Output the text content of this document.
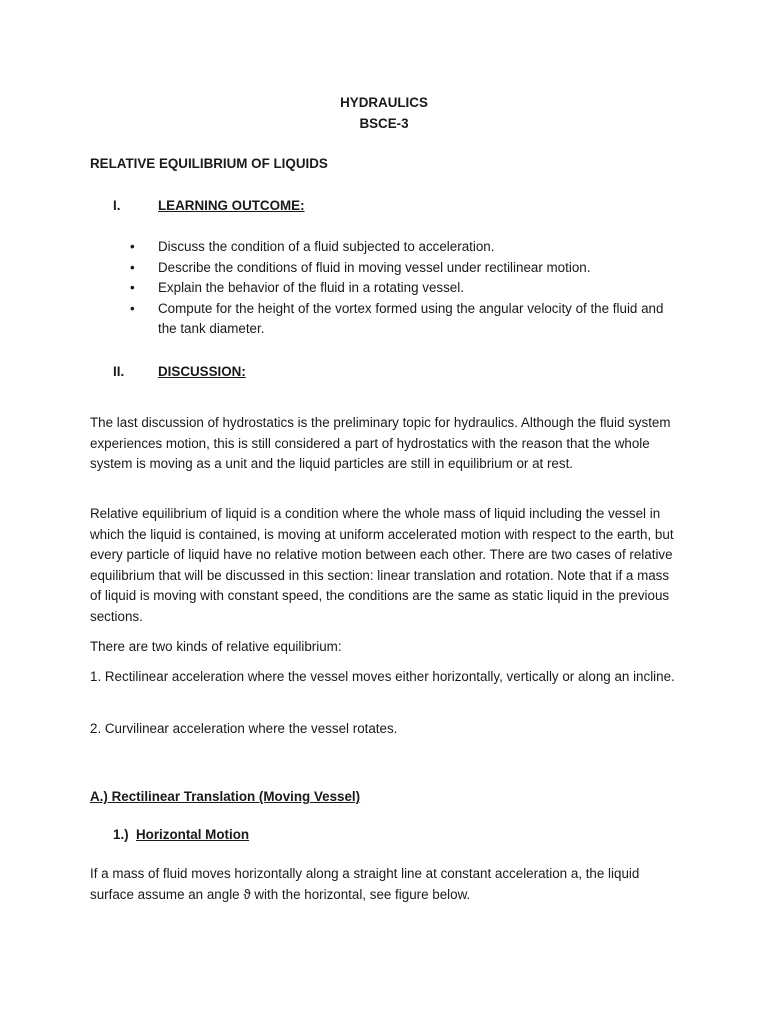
HYDRAULICS
BSCE-3
RELATIVE EQUILIBRIUM OF LIQUIDS
I.	LEARNING OUTCOME:
• Discuss the condition of a fluid subjected to acceleration.
• Describe the conditions of fluid in moving vessel under rectilinear motion.
• Explain the behavior of the fluid in a rotating vessel.
• Compute for the height of the vortex formed using the angular velocity of the fluid and the tank diameter.
II.	DISCUSSION:
The last discussion of hydrostatics is the preliminary topic for hydraulics. Although the fluid system experiences motion, this is still considered a part of hydrostatics with the reason that the whole system is moving as a unit and the liquid particles are still in equilibrium or at rest.
Relative equilibrium of liquid is a condition where the whole mass of liquid including the vessel in which the liquid is contained, is moving at uniform accelerated motion with respect to the earth, but every particle of liquid have no relative motion between each other. There are two cases of relative equilibrium that will be discussed in this section: linear translation and rotation. Note that if a mass of liquid is moving with constant speed, the conditions are the same as static liquid in the previous sections.
There are two kinds of relative equilibrium:
1. Rectilinear acceleration where the vessel moves either horizontally, vertically or along an incline.
2. Curvilinear acceleration where the vessel rotates.
A.) Rectilinear Translation (Moving Vessel)
1.) Horizontal Motion
If a mass of fluid moves horizontally along a straight line at constant acceleration a, the liquid surface assume an angle ϑ with the horizontal, see figure below.
